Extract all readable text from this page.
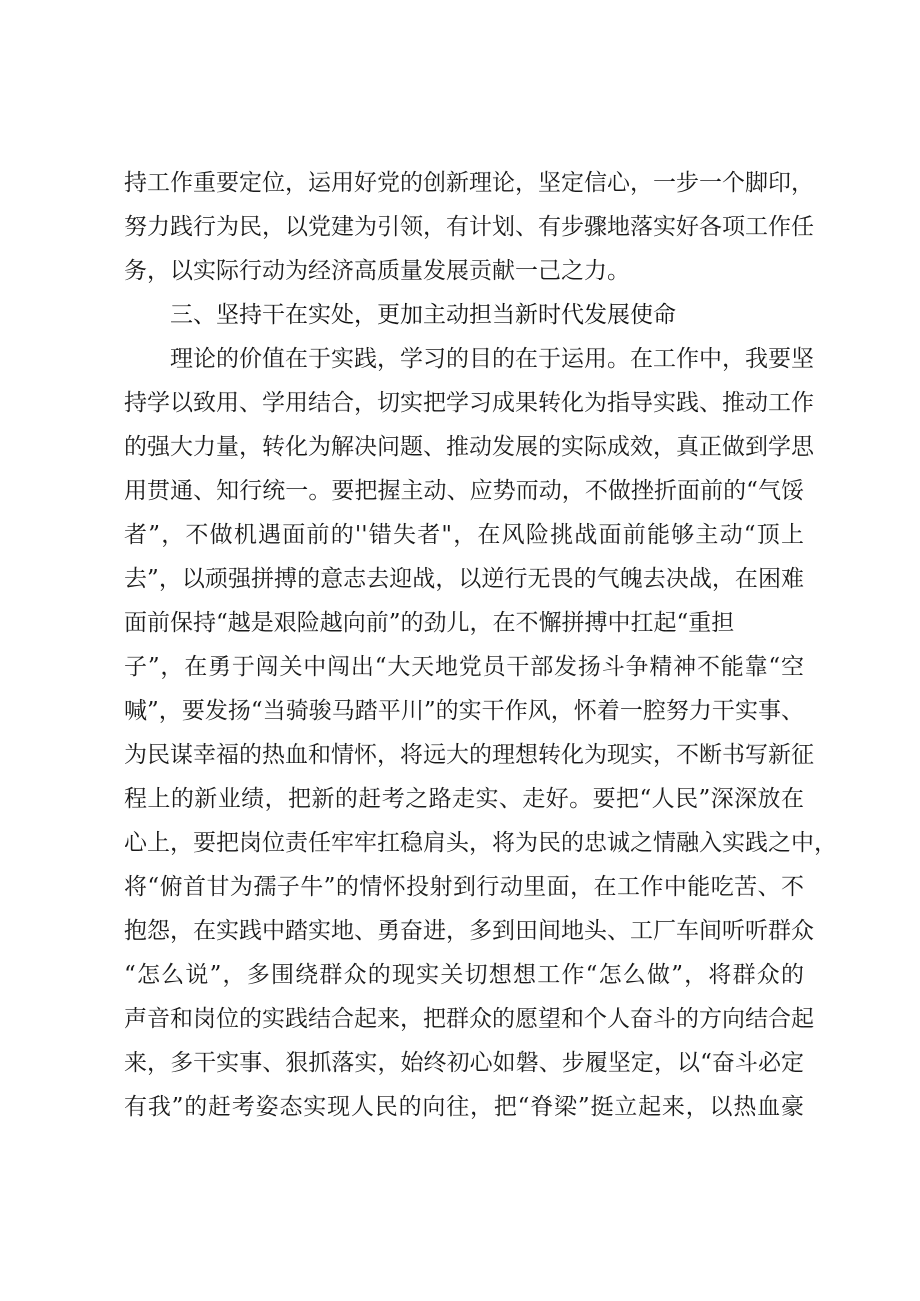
持工作重要定位，运用好党的创新理论，坚定信心，一步一个脚印，
努力践行为民，以党建为引领，有计划、有步骤地落实好各项工作任
务，以实际行动为经济高质量发展贡献一己之力。
三、坚持干在实处，更加主动担当新时代发展使命
理论的价值在于实践，学习的目的在于运用。在工作中，我要坚
持学以致用、学用结合，切实把学习成果转化为指导实践、推动工作
的强大力量，转化为解决问题、推动发展的实际成效，真正做到学思
用贯通、知行统一。要把握主动、应势而动，不做挫折面前的“气馁
者”，不做机遇面前的''错失者"，在风险挑战面前能够主动“顶上
去”，以顽强拼搏的意志去迎战，以逆行无畏的气魄去决战，在困难
面前保持“越是艰险越向前”的劲儿，在不懈拼搏中扛起“重担
子”，在勇于闯关中闯出“大天地党员干部发扬斗争精神不能靠“空
喊”，要发扬“当骑骏马踏平川”的实干作风，怀着一腔努力干实事、
为民谋幸福的热血和情怀，将远大的理想转化为现实，不断书写新征
程上的新业绩，把新的赶考之路走实、走好。要把“人民”深深放在
心上，要把岗位责任牢牢扛稳肩头，将为民的忠诚之情融入实践之中，
将“俯首甘为孺子牛”的情怀投射到行动里面，在工作中能吃苦、不
抱怨，在实践中踏实地、勇奋进，多到田间地头、工厂车间听听群众
“怎么说”，多围绕群众的现实关切想想工作“怎么做”，将群众的
声音和岗位的实践结合起来，把群众的愿望和个人奋斗的方向结合起
来，多干实事、狠抓落实，始终初心如磐、步履坚定，以“奋斗必定
有我”的赶考姿态实现人民的向往，把“脊梁”挺立起来，以热血豪
